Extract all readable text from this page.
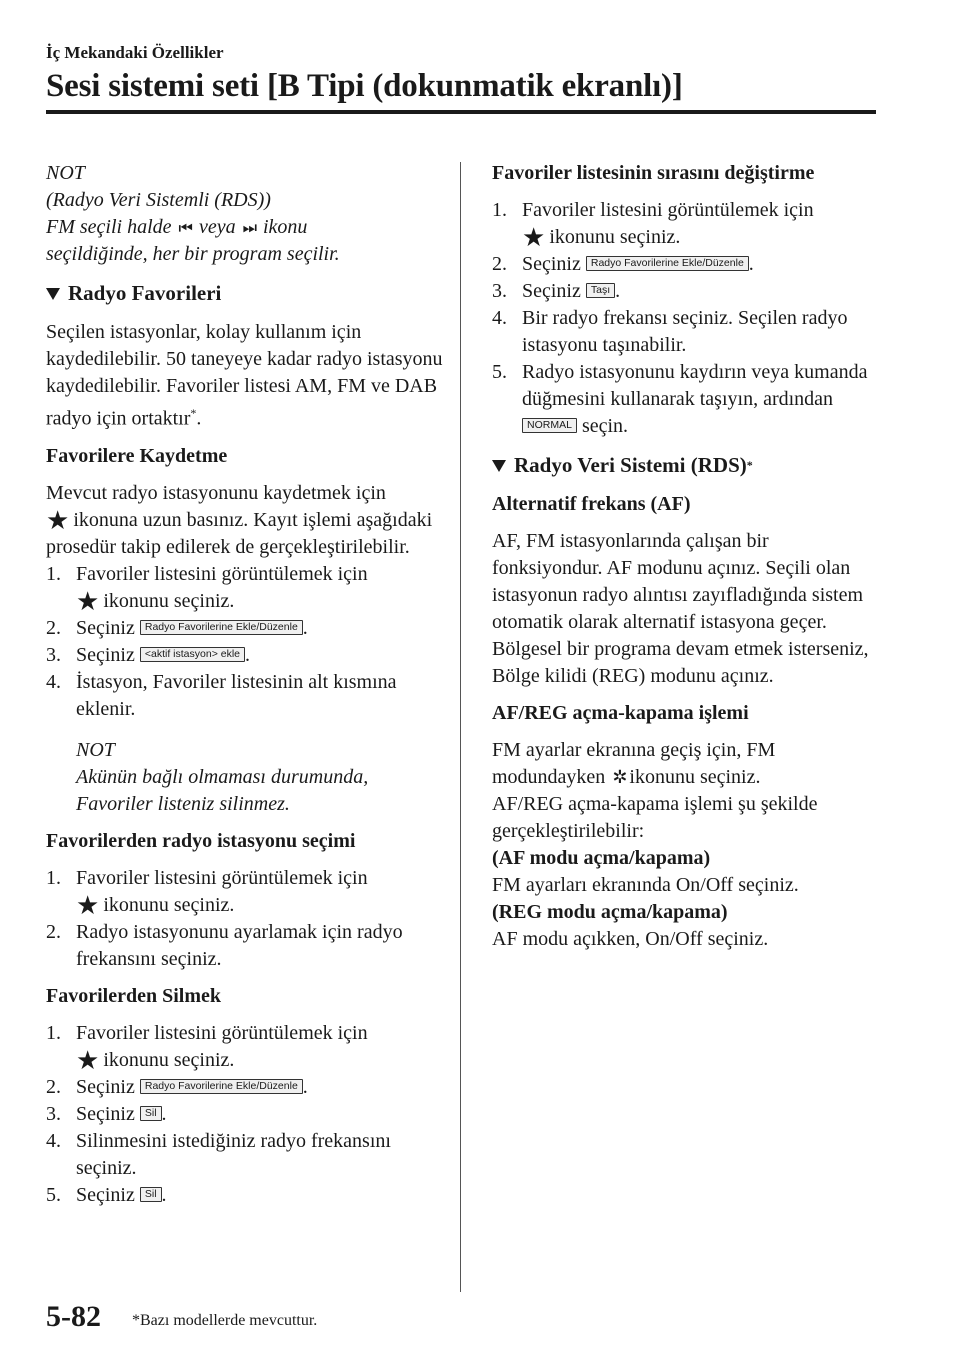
İç Mekandaki Özellikler

Sesi sistemi seti [B Tipi (dokunmatik ekranlı)]

NOT

(Radyo Veri Sistemli (RDS))

FM seçili halde ⏮ veya ⏭ ikonu

seçildiğinde, her bir program seçilir.

Radyo Favorileri

Seçilen istasyonlar, kolay kullanım için kaydedilebilir. 50 taneyeye kadar radyo istasyonu kaydedilebilir. Favoriler listesi AM, FM ve DAB radyo için ortaktır*.

Favorilere Kaydetme

Mevcut radyo istasyonunu kaydetmek için

★ ikonuna uzun basınız. Kayıt işlemi aşağıdaki prosedür takip edilerek de gerçekleştirilebilir.

1. Favoriler listesini görüntülemek için
★ ikonunu seçiniz.
2. Seçiniz Radyo Favorilerine Ekle/Düzenle .
3. Seçiniz <aktif istasyon> ekle .
4. İstasyon, Favoriler listesinin alt kısmına eklenir.

NOT

Akünün bağlı olmaması durumunda, Favoriler listeniz silinmez.

Favorilerden radyo istasyonu seçimi

1. Favoriler listesini görüntülemek için
★ ikonunu seçiniz.
2. Radyo istasyonunu ayarlamak için radyo frekansını seçiniz.

Favorilerden Silmek

1. Favoriler listesini görüntülemek için
★ ikonunu seçiniz.
2. Seçiniz Radyo Favorilerine Ekle/Düzenle .
3. Seçiniz Sil .
4. Silinmesini istediğiniz radyo frekansını seçiniz.
5. Seçiniz Sil .

Favoriler listesinin sırasını değiştirme

1. Favoriler listesini görüntülemek için
★ ikonunu seçiniz.
2. Seçiniz Radyo Favorilerine Ekle/Düzenle .
3. Seçiniz Taşı .
4. Bir radyo frekansı seçiniz. Seçilen radyo istasyonu taşınabilir.
5. Radyo istasyonunu kaydırın veya kumanda düğmesini kullanarak taşıyın, ardından NORMAL seçin.
Radyo Veri Sistemi (RDS) *

Alternatif frekans (AF)

AF, FM istasyonlarında çalışan bir fonksiyondur. AF modunu açınız. Seçili olan istasyonun radyo alıntısı zayıfladığında sistem otomatik olarak alternatif istasyona geçer.

Bölgesel bir programa devam etmek isterseniz, Bölge kilidi (REG) modunu açınız.

AF/REG açma-kapama işlemi

FM ayarlar ekranına geçiş için, FM modundayken ✲ ikonunu seçiniz.

AF/REG açma-kapama işlemi şu şekilde gerçekleştirilebilir:

(AF modu açma/kapama)

FM ayarları ekranında On/Off seçiniz.

(REG modu açma/kapama)

AF modu açıkken, On/Off seçiniz.

5-82 *Bazı modellerde mevcuttur.
